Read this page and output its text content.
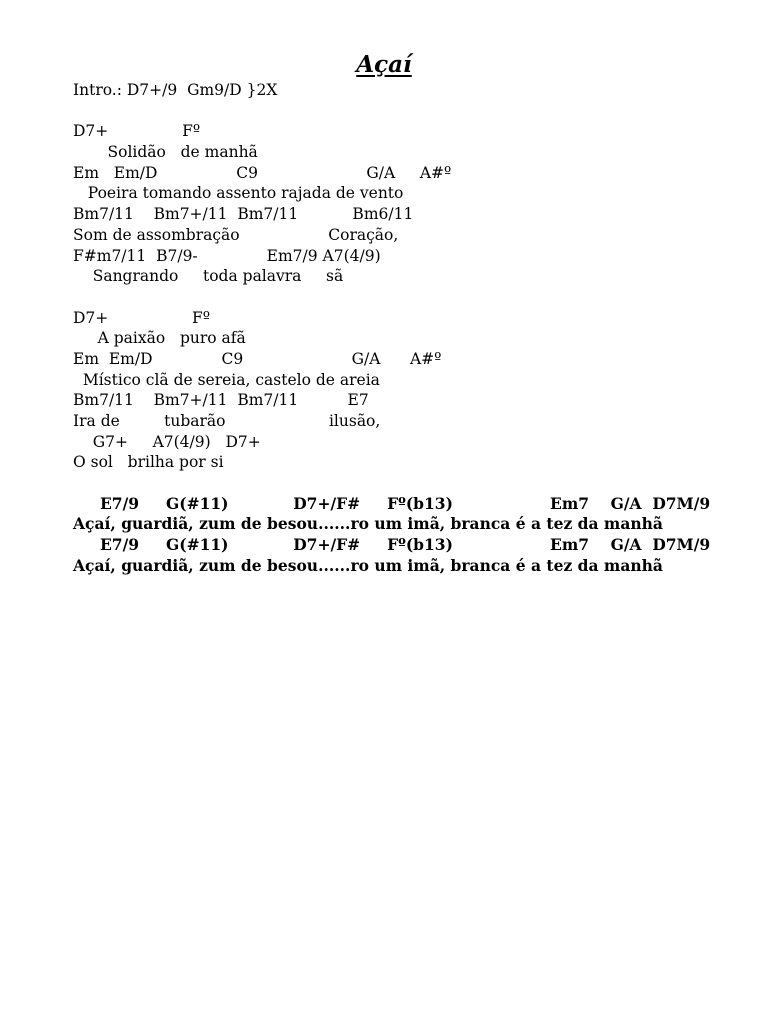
Açaí
Intro.: D7+/9  Gm9/D }2X
D7+               Fº
Solidão   de manhã
Em   Em/D                C9                      G/A     A#º
Poeira tomando assento rajada de vento
Bm7/11    Bm7+/11  Bm7/11           Bm6/11
Som de assombração                  Coração,
F#m7/11  B7/9-              Em7/9 A7(4/9)
Sangrando     toda palavra     sã
D7+                 Fº
A paixão   puro afã
Em  Em/D              C9                      G/A      A#º
Místico clã de sereia, castelo de areia
Bm7/11    Bm7+/11  Bm7/11          E7
Ira de         tubarão                     ilusão,
G7+     A7(4/9)   D7+
O sol   brilha por si
E7/9     G(#11)            D7+/F#     Fº(b13)                  Em7    G/A  D7M/9
Açaí, guardiã, zum de besou......ro um imã, branca é a tez da manhã
E7/9     G(#11)            D7+/F#     Fº(b13)                  Em7    G/A  D7M/9
Açaí, guardiã, zum de besou......ro um imã, branca é a tez da manhã
